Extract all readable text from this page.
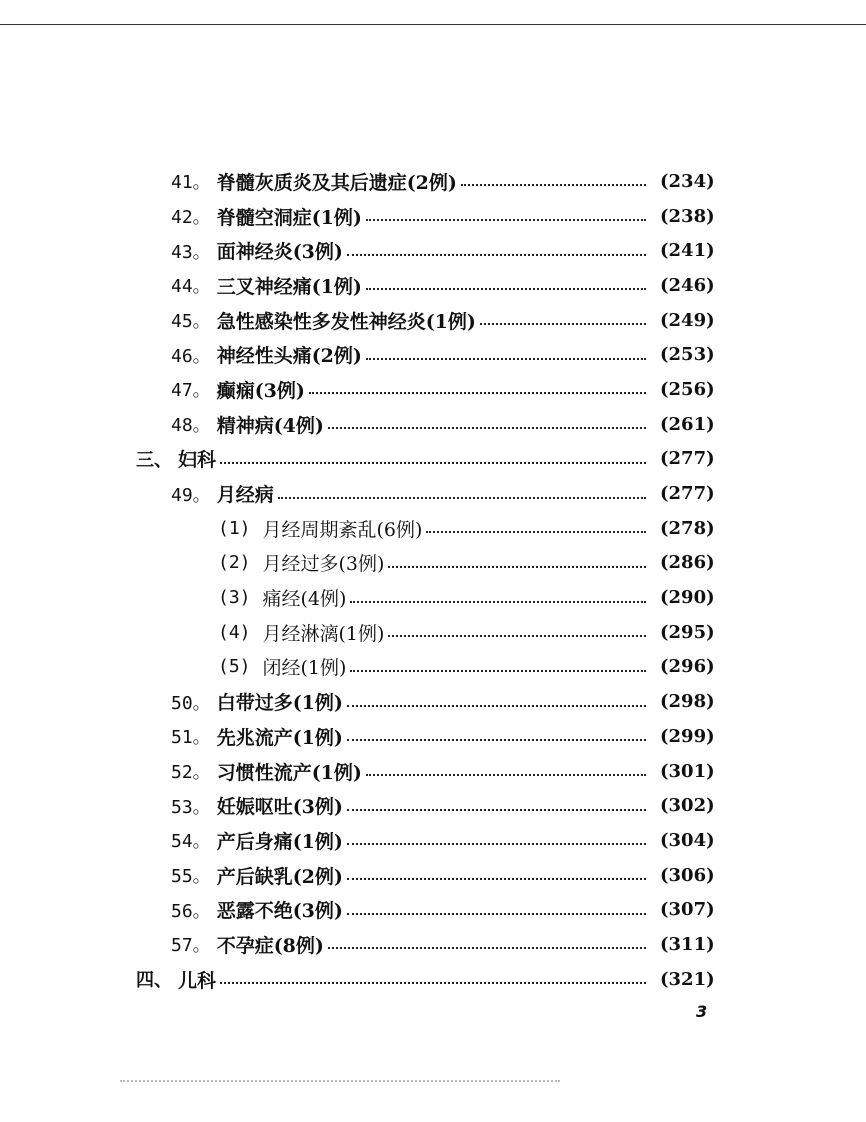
41。 脊髓灰质炎及其后遗症(2例)	(234)
42。 脊髓空洞症(1例)	(238)
43。 面神经炎(3例)	(241)
44。 三叉神经痛(1例)	(246)
45。 急性感染性多发性神经炎(1例)	(249)
46。 神经性头痛(2例)	(253)
47。 癫痫(3例)	(256)
48。 精神病(4例)	(261)
三、 妇科	(277)
49。 月经病	(277)
(1) 月经周期紊乱(6例)	(278)
(2) 月经过多(3例)	(286)
(3) 痛经(4例)	(290)
(4) 月经淋漓(1例)	(295)
(5) 闭经(1例)	(296)
50。 白带过多(1例)	(298)
51。 先兆流产(1例)	(299)
52。 习惯性流产(1例)	(301)
53。 妊娠呕吐(3例)	(302)
54。 产后身痛(1例)	(304)
55。 产后缺乳(2例)	(306)
56。 恶露不绝(3例)	(307)
57。 不孕症(8例)	(311)
四、 儿科	(321)
3
